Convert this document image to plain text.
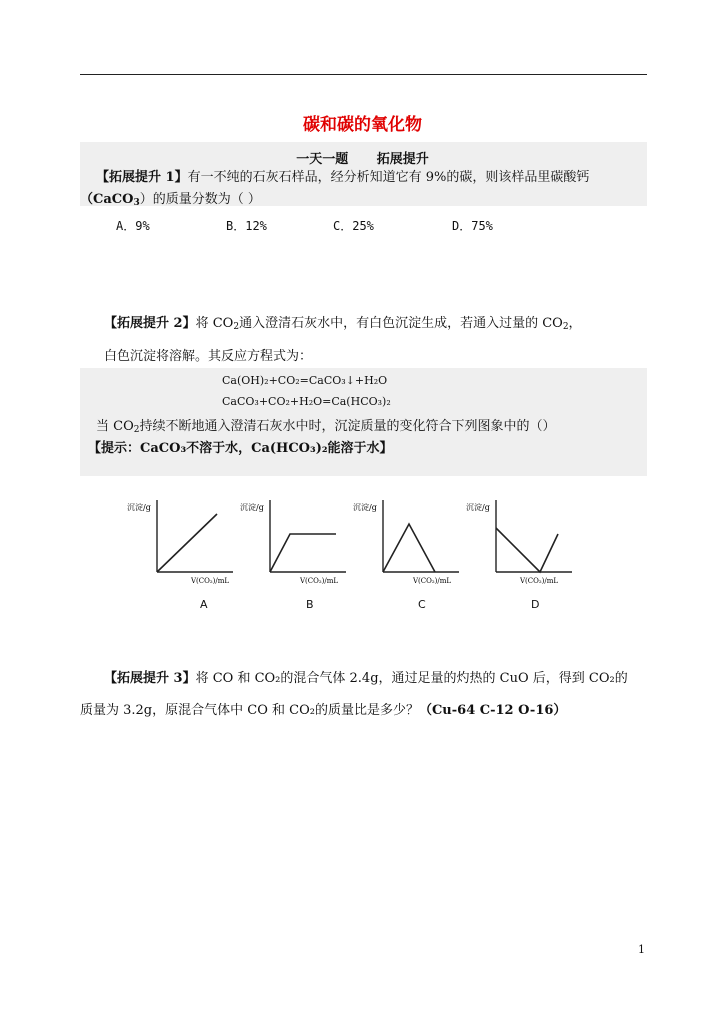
碳和碳的氧化物
一天一题 拓展提升
【拓展提升 1】有一不纯的石灰石样品，经分析知道它有 9%的碳，则该样品里碳酸钙
（CaCO$_3$）的质量分数为（ ）
A．9%	B．12%	C．25%	D．75%
【拓展提升 2】将 $CO_2$通入澄清石灰水中，有白色沉淀生成，若通入过量的 $CO_2$，
白色沉淀将溶解。其反应方程式为：
Ca(OH)₂+CO₂=CaCO₃↓+H₂O
CaCO₃+CO₂+H₂O=Ca(HCO₃)₂
当 $CO_2$持续不断地通入澄清石灰水中时，沉淀质量的变化符合下列图象中的（）
【提示：CaCO₃不溶于水，Ca(HCO₃)₂能溶于水】
沉淀/g
V(CO₂)/mL
沉淀/g
V(CO₂)/mL
沉淀/g
V(CO₂)/mL
沉淀/g
V(CO₂)/mL
A	B	C	D
【拓展提升 3】将 CO 和 CO₂的混合气体 2.4g，通过足量的灼热的 CuO 后，得到 CO₂的
质量为 3.2g，原混合气体中 CO 和 CO₂的质量比是多少？（Cu-64 C-12 O-16）
1
